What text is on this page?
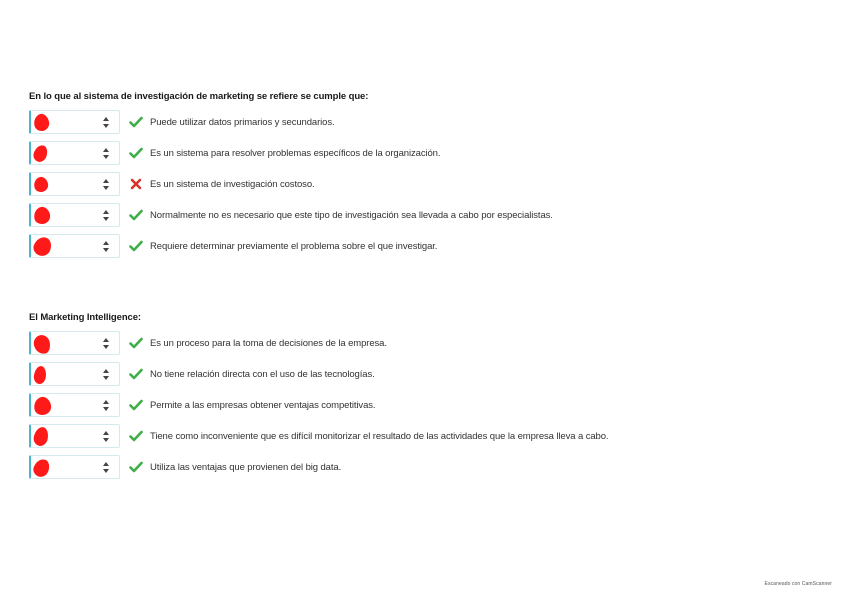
En lo que al sistema de investigación de marketing se refiere se cumple que:
Puede utilizar datos primarios y secundarios.
Es un sistema para resolver problemas específicos de la organización.
Es un sistema de investigación costoso.
Normalmente no es necesario que este tipo de investigación sea llevada a cabo por especialistas.
Requiere determinar previamente el problema sobre el que investigar.
El Marketing Intelligence:
Es un proceso para la toma de decisiones de la empresa.
No tiene relación directa con el uso de las tecnologías.
Permite a las empresas obtener ventajas competitivas.
Tiene como inconveniente que es difícil monitorizar el resultado de las actividades que la empresa lleva a cabo.
Utiliza las ventajas que provienen del big data.
Escaneado con CamScanner
